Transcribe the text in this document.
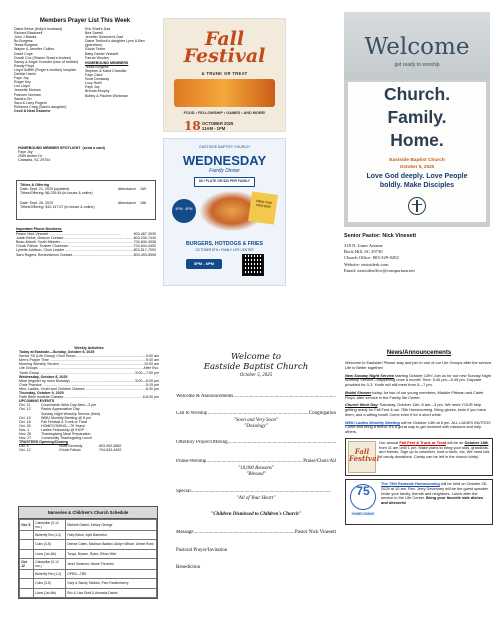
Members Prayer List This Week
Diane Belue (Holly's husband)
Richard Blackwell
John J Blanks
Bo Burgess
Tessa Burgess
Wayne & Jennifer Collins
David Cope
Dovall Cox (Sharon Shaw's brother)
Sandy & Angie Crowder (loss of brother)
Randy Floyd
Lloyd Griffith (Roger's brother) hospital
Debbie Harris
Faye Joy
Roger Key
Lou Lloyd
Jeanette Morrow
Frances Norman
Sandra Orr
Sara & Larry Rogers
Rebecca Craig (Sara's daughter)
Cecil & Neal Osborne
Eric Shell's Dad
Bea Sarrell
Jennifer Swanner's Dad
Diane Tedlock's daughter Lynn & Ben
(grandson)
Gloria Tinker
Baby Daniel Vinesett
Farrah Wooten
HOMEBOUND MEMBERS
Tessa Burgess
Stephen & Karla Chandler
Faye Clark
Scott Dunaway
Lucy Hoell
Faye Joy
Brenda Murphy
Bobby & Pauline Workman
HOMEBOUND MEMBER SPOTLIGHT (send a card)
Faye Joy
2089 Amber Dr.
Catawba, SC 29704
Tithes & Offering
Date: Sept. 21, 2025 (updated)	Attendance 169
Tithes/Offering: $6,239.45 (in-house & online)
Date: Sept. 28, 2025	Attendance 188
Tithes/Offering: $10,147.57 (in-house & online)
Important Phone Numbers:
Pastor Nick Vinesett .....	803-487-3939
Justin Belue, Deacon Contact .....	803-230-7440
Beau Abbott, Youth Minister .....	704-840-3538
Chuck Fallow, Trustee Chairman .....	704-634-4492
Lynette Addison, Choir Leader .....	803-517-7092
Sara Rogers, Benevolence Contact .....	803-493-5596
Fall
Festival
& TRUNK OR TREAT
FOOD • FELLOWSHIP • GAMES • AND MORE!
18 OCTOBER 2025
11AM - 1PM
EASTSIDE BAPTIST CHURCH
WEDNESDAY
Family Dinner
$5 / PLATE OR $20 PER FAMILY
5PM - 6PM
FREE FOR VISITORS
BURGERS, HOTDOGS & FRIES
OCTOBER 8TH • FAMILY LIFE CENTER
5PM - 6PM
Welcome
get ready to worship
Church.
Family.
Home.
Eastside Baptist Church
October 5, 2025
Love God deeply. Love People
boldly. Make Disciples
Senior Pastor: Nick Vinesett
318 N. Jones Avenue
Rock Hill, SC 29730
Church Office: 803-329-0202
Website: eastsiderh.com
Email: eastsideoffice@comporium.net
Weekly Activities
Today at Eastside—Sunday, October 5, 2025
Senior SS (Life Group) Choir Room .....	9:00 am
Men's Prayer Time .....	9:40 am
Morning Worship Service .....	10:00 am
Life Groups .....	After Svc.
Youth Group .....	5:00—7:00 pm
Wednesday, October 8, 2025
Meal (register by noon Monday) .....	5:00—6:00 pm
Choir Practice .....	5:15 pm
Men, Ladies, Youth and Children Classes .....	6:30 pm
Thursday, October 9, 2025
Faith Bible Institute Classes .....	6-8:30 pm
UPCOMING EVENTS
Oct. 11	Churchwide Work Day 8am—3 pm
Oct. 12	Pastor Appreciation Day
Sunday Night Worship Service (New)
Oct. 14	WMU Monthly Meeting @ 6 pm
Oct. 18	Fall Festival & Trunk or Treat
Oct. 26	HOMECOMING—75 Years!
Nov. 1	Ladies Fellowship @ IHOP
Nov. 26	Thanksgiving Meal Preparation
Nov. 27	Community Thanksgiving Lunch
TRUSTEES Opening/Closing
Oct. 5	Scott Kennedy	803-992-5882
Oct. 12	Chuck Fallow	704-634-4492
Nurseries & Children's Church Schedule
Oct. 5	Caterpillar (0-12 mo.)	Michele Daniel, Kelsey George
	Butterfly Rm (1-2)	Holly Belue, April Batchelor
	Cubs (3-5)	Denise Cates, Madison Ballard, Addyn Wilson, Aimee Ronk
	Lions (1st-4th)	Tonya, Brysen, Rylee, Ethan Weir
Oct. 12	Caterpillar (0-12 mo.)	Jenni Swanner, Nicole Thrombo
	Butterfly Rm (1-2)	OPEN—TBD
	Cubs (3-5)	Gary & Sandy Tadlock, Pam Faulkenberry
	Lions (1st-4th)	Eric & Lisa Shell & Amanda Daniel
Welcome to
Eastside Baptist Church
October 5, 2025
Welcome & Announcements
.....
Call to Worship .....	Congregation
"Soon and Very Soon"
"Doxology"
Offertory Prayer/Offering
.....
Praise/Worship .....	Praise/Choir/All
"10,000 Reasons"
"Blessed"
Special
.....
"All of Your Heart"
"Children Dismissed to Children's Church"
Message .....	Pastor Nick Vinesett
Pastoral Prayer/Invitation
Benediction
News/Announcements

Welcome to Eastside! Please stay and join in one of our Life Groups after the service. Life is Better together!

New Sunday Night Service starting October 12th! Join us for our new Sunday Night Worship Service—happening once a month! Time: 5:45 pm—6:45 pm. Daycare provided for 0-3. Youth will still meet from 5—7 pm.

Bridal Shower today, for two of our young members, Maddie Pittman and Caleb Floyd, after service in the Family life Center.

Church Work Day: Saturday, October 11th, 8 am—3 pm. We need YOUR help getting ready for Fall Fest & our 75th Homecoming. Bring gloves, tools if you have them, and a willing heart! Come even if for a short while.

WMU Ladies Monthly Meeting will be October 14th at 6 pm. ALL LADIES INVITED! Come and bring a friend. It's a great way to get involved with missions and help others.

Fall Festival
Our annual Fall Fest & Trunk or Treat will be on October 18th from 11 am until 1 pm. Make plans to bring your kids, grandkids, and friends. Sign up to volunteer, host a trunk, etc. We need lots of candy donations. Candy can be left in the church lobby.

75
HOMECOMING
The 75th Eastside Homecoming will be held on October 26, 2025 at 10 am. Rev. Jerry Devenney will be the guest speaker. Invite your family, friends and neighbors. Lunch after the service in the Life Center. Bring your favorite side dishes and desserts!
